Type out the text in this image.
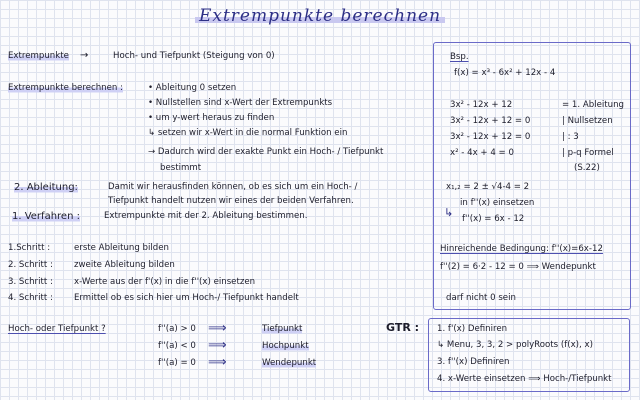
Extrempunkte berechnen
Extrempunkte →	Hoch- und Tiefpunkt (Steigung von 0)
Extrempunkte berechnen :	• Ableitung 0 setzen
• Nullstellen sind x-Wert der Extrempunkts
• um y-wert heraus zu finden
↳ setzen wir x-Wert in die normal Funktion ein
→ Dadurch wird der exakte Punkt ein Hoch- / Tiefpunkt
bestimmt
2. Ableitung:	Damit wir herausfinden können, ob es sich um ein Hoch- /
Tiefpunkt handelt nutzen wir eines der beiden Verfahren.
1. Verfahren :	Extrempunkte mit der 2. Ableitung bestimmen.
1.Schritt :	erste Ableitung bilden
2. Schritt : zweite Ableitung bilden
3. Schritt : x-Werte aus der f'(x) in die f''(x) einsetzen
4. Schritt : Ermittel ob es sich hier um Hoch-/ Tiefpunkt handelt
Hoch- oder Tiefpunkt ?	f''(a) > 0 ⟹	Tiefpunkt
f''(a) < 0 ⟹	Hochpunkt
f''(a) = 0 ⟹	Wendepunkt
Bsp.
f(x) = x³ - 6x² + 12x - 4
3x² - 12x + 12	= 1. Ableitung
3x² - 12x + 12 = 0	| Nullsetzen
3x² - 12x + 12 = 0	| : 3
x² - 4x + 4 = 0	| p-q Formel
(S.22)
x₁,₂ = 2 ± √4-4 = 2
in f''(x) einsetzen
↳ f''(x) = 6x - 12
Hinreichende Bedingung: f''(x)=6x-12
f''(2) = 6·2 - 12 = 0 ⟹ Wendepunkt
darf nicht 0 sein
GTR : 1. f'(x) Definiren
↳ Menu, 3, 3, 2 > polyRoots (f(x), x)
3. f''(x) Definiren
4. x-Werte einsetzen ⟹ Hoch-/Tiefpunkt
